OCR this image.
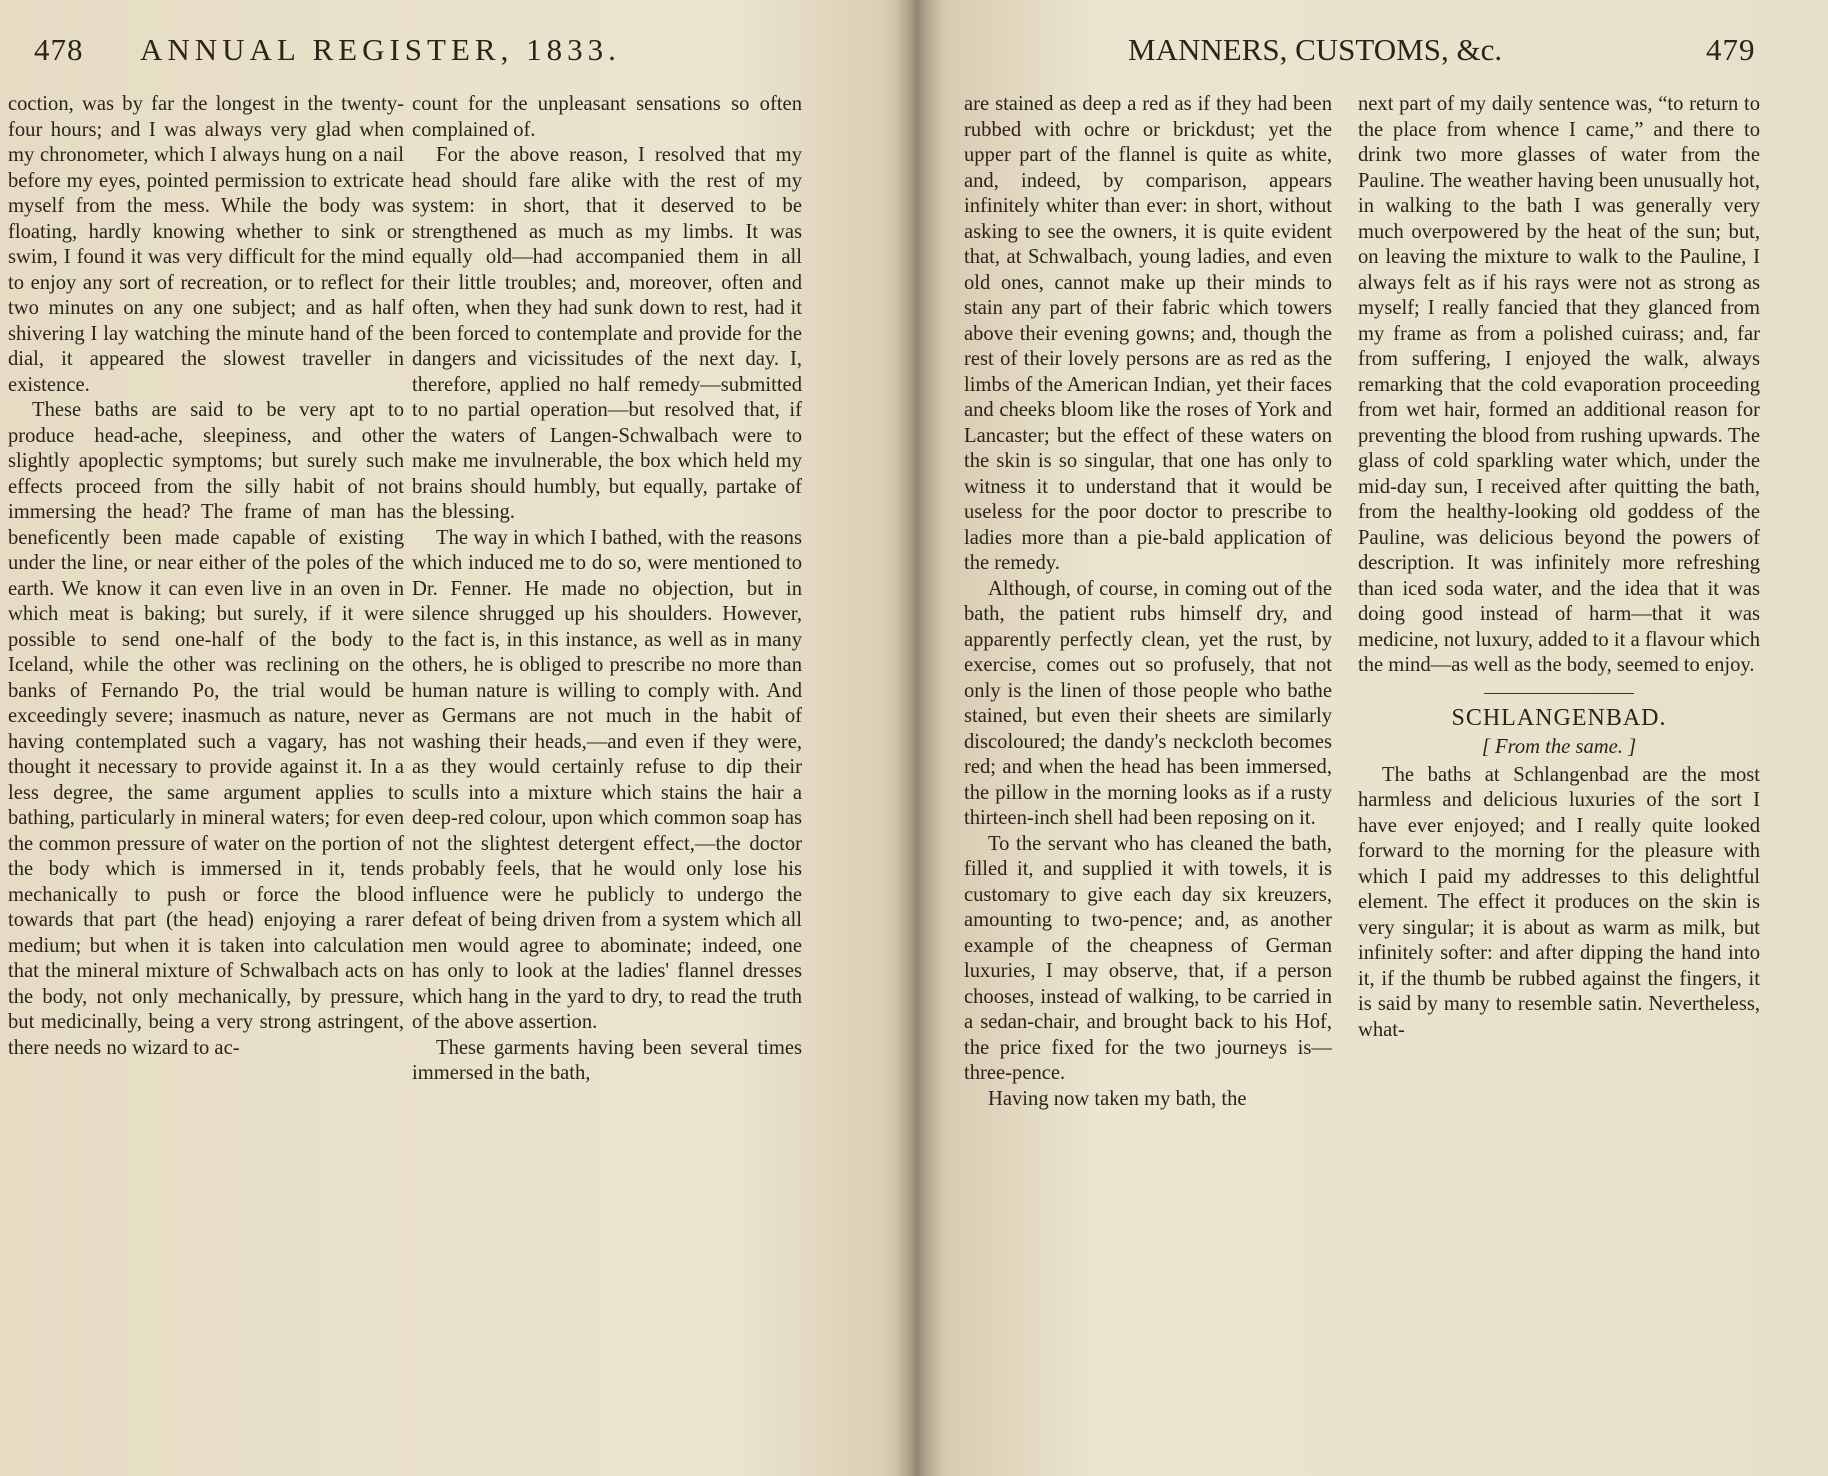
478 ANNUAL REGISTER, 1833.

coction, was by far the longest in the twenty-four hours; and I was always very glad when my chronometer, which I always hung on a nail before my eyes, pointed permission to extricate myself from the mess. While the body was floating, hardly knowing whether to sink or swim, I found it was very difficult for the mind to enjoy any sort of recreation, or to reflect for two minutes on any one subject; and as half shivering I lay watching the minute hand of the dial, it appeared the slowest traveller in existence.

These baths are said to be very apt to produce head-ache, sleepiness, and other slightly apoplectic symptoms; but surely such effects proceed from the silly habit of not immersing the head? The frame of man has beneficently been made capable of existing under the line, or near either of the poles of the earth. We know it can even live in an oven in which meat is baking; but surely, if it were possible to send one-half of the body to Iceland, while the other was reclining on the banks of Fernando Po, the trial would be exceedingly severe; inasmuch as nature, never having contemplated such a vagary, has not thought it necessary to provide against it. In a less degree, the same argument applies to bathing, particularly in mineral waters; for even the common pressure of water on the portion of the body which is immersed in it, tends mechanically to push or force the blood towards that part (the head) enjoying a rarer medium; but when it is taken into calculation that the mineral mixture of Schwalbach acts on the body, not only mechanically, by pressure, but medicinally, being a very strong astringent, there needs no wizard to ac-

count for the unpleasant sensations so often complained of.

For the above reason, I resolved that my head should fare alike with the rest of my system: in short, that it deserved to be strengthened as much as my limbs. It was equally old—had accompanied them in all their little troubles; and, moreover, often and often, when they had sunk down to rest, had it been forced to contemplate and provide for the dangers and vicissitudes of the next day. I, therefore, applied no half remedy—submitted to no partial operation—but resolved that, if the waters of Langen-Schwalbach were to make me invulnerable, the box which held my brains should humbly, but equally, partake of the blessing.

The way in which I bathed, with the reasons which induced me to do so, were mentioned to Dr. Fenner. He made no objection, but in silence shrugged up his shoulders. However, the fact is, in this instance, as well as in many others, he is obliged to prescribe no more than human nature is willing to comply with. And as Germans are not much in the habit of washing their heads,—and even if they were, as they would certainly refuse to dip their sculls into a mixture which stains the hair a deep-red colour, upon which common soap has not the slightest detergent effect,—the doctor probably feels, that he would only lose his influence were he publicly to undergo the defeat of being driven from a system which all men would agree to abominate; indeed, one has only to look at the ladies' flannel dresses which hang in the yard to dry, to read the truth of the above assertion.

These garments having been several times immersed in the bath,

MANNERS, CUSTOMS, &c.	479

are stained as deep a red as if they had been rubbed with ochre or brickdust; yet the upper part of the flannel is quite as white, and, indeed, by comparison, appears infinitely whiter than ever: in short, without asking to see the owners, it is quite evident that, at Schwalbach, young ladies, and even old ones, cannot make up their minds to stain any part of their fabric which towers above their evening gowns; and, though the rest of their lovely persons are as red as the limbs of the American Indian, yet their faces and cheeks bloom like the roses of York and Lancaster; but the effect of these waters on the skin is so singular, that one has only to witness it to understand that it would be useless for the poor doctor to prescribe to ladies more than a pie-bald application of the remedy.

Although, of course, in coming out of the bath, the patient rubs himself dry, and apparently perfectly clean, yet the rust, by exercise, comes out so profusely, that not only is the linen of those people who bathe stained, but even their sheets are similarly discoloured; the dandy's neckcloth becomes red; and when the head has been immersed, the pillow in the morning looks as if a rusty thirteen-inch shell had been reposing on it.

To the servant who has cleaned the bath, filled it, and supplied it with towels, it is customary to give each day six kreuzers, amounting to two-pence; and, as another example of the cheapness of German luxuries, I may observe, that, if a person chooses, instead of walking, to be carried in a sedan-chair, and brought back to his Hof, the price fixed for the two journeys is—three-pence.

Having now taken my bath, the

next part of my daily sentence was, “to return to the place from whence I came,” and there to drink two more glasses of water from the Pauline. The weather having been unusually hot, in walking to the bath I was generally very much overpowered by the heat of the sun; but, on leaving the mixture to walk to the Pauline, I always felt as if his rays were not as strong as myself; I really fancied that they glanced from my frame as from a polished cuirass; and, far from suffering, I enjoyed the walk, always remarking that the cold evaporation proceeding from wet hair, formed an additional reason for preventing the blood from rushing upwards. The glass of cold sparkling water which, under the mid-day sun, I received after quitting the bath, from the healthy-looking old goddess of the Pauline, was delicious beyond the powers of description. It was infinitely more refreshing than iced soda water, and the idea that it was doing good instead of harm—that it was medicine, not luxury, added to it a flavour which the mind—as well as the body, seemed to enjoy.

SCHLANGENBAD.
[ From the same. ]

The baths at Schlangenbad are the most harmless and delicious luxuries of the sort I have ever enjoyed; and I really quite looked forward to the morning for the pleasure with which I paid my addresses to this delightful element. The effect it produces on the skin is very singular; it is about as warm as milk, but infinitely softer: and after dipping the hand into it, if the thumb be rubbed against the fingers, it is said by many to resemble satin. Nevertheless, what-
